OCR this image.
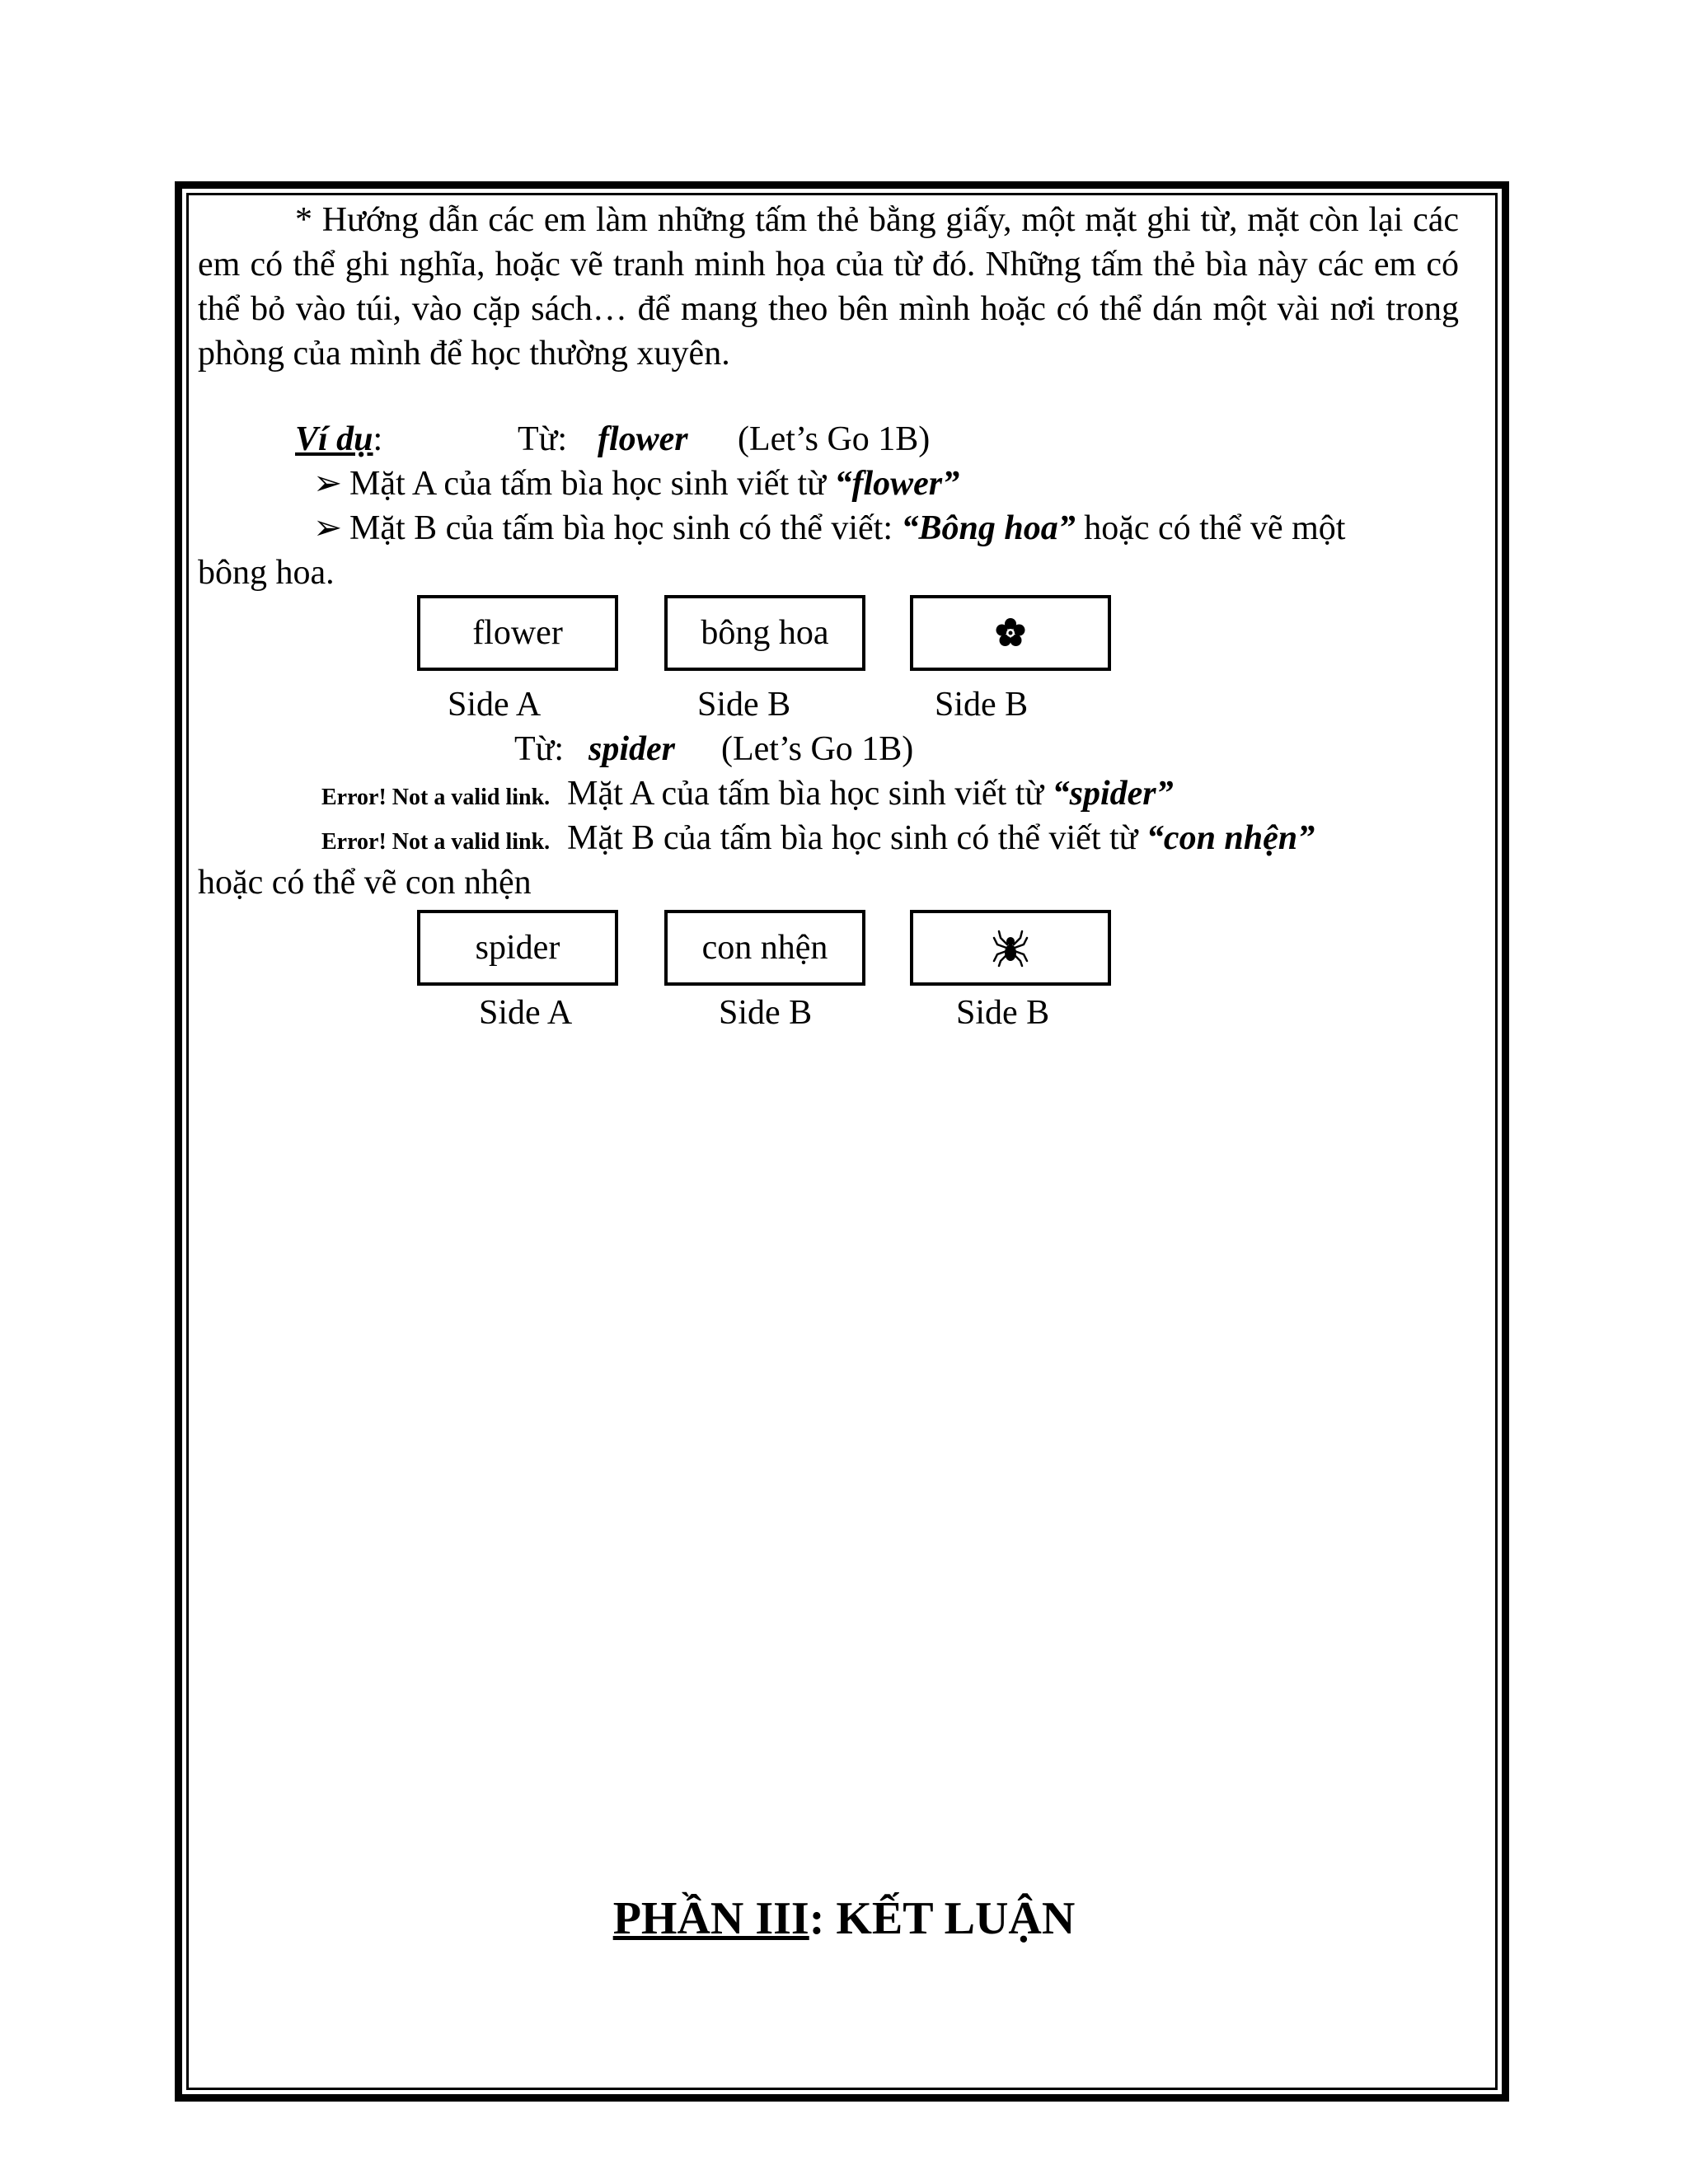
* Hướng dẫn các em làm những tấm thẻ bằng giấy, một mặt ghi từ, mặt còn lại các em có thể ghi nghĩa, hoặc vẽ tranh minh họa của từ đó. Những tấm thẻ bìa này các em có thể bỏ vào túi, vào cặp sách… để mang theo bên mình hoặc có thể dán một vài nơi trong phòng của mình để học thường xuyên.
Ví dụ:	Từ: flower (Let’s Go 1B)
➢ Mặt A của tấm bìa học sinh viết từ “flower”
➢ Mặt B của tấm bìa học sinh có thể viết: “Bông hoa” hoặc có thể vẽ một
bông hoa.
flower	bông hoa
Side A	Side B	Side B
Từ: spider (Let’s Go 1B)
Error! Not a valid link. Mặt A của tấm bìa học sinh viết từ “spider”
Error! Not a valid link. Mặt B của tấm bìa học sinh có thể viết từ “con nhện”
hoặc có thể vẽ con nhện
spider	con nhện
Side A	Side B	Side B
PHẦN III: KẾT LUẬN
